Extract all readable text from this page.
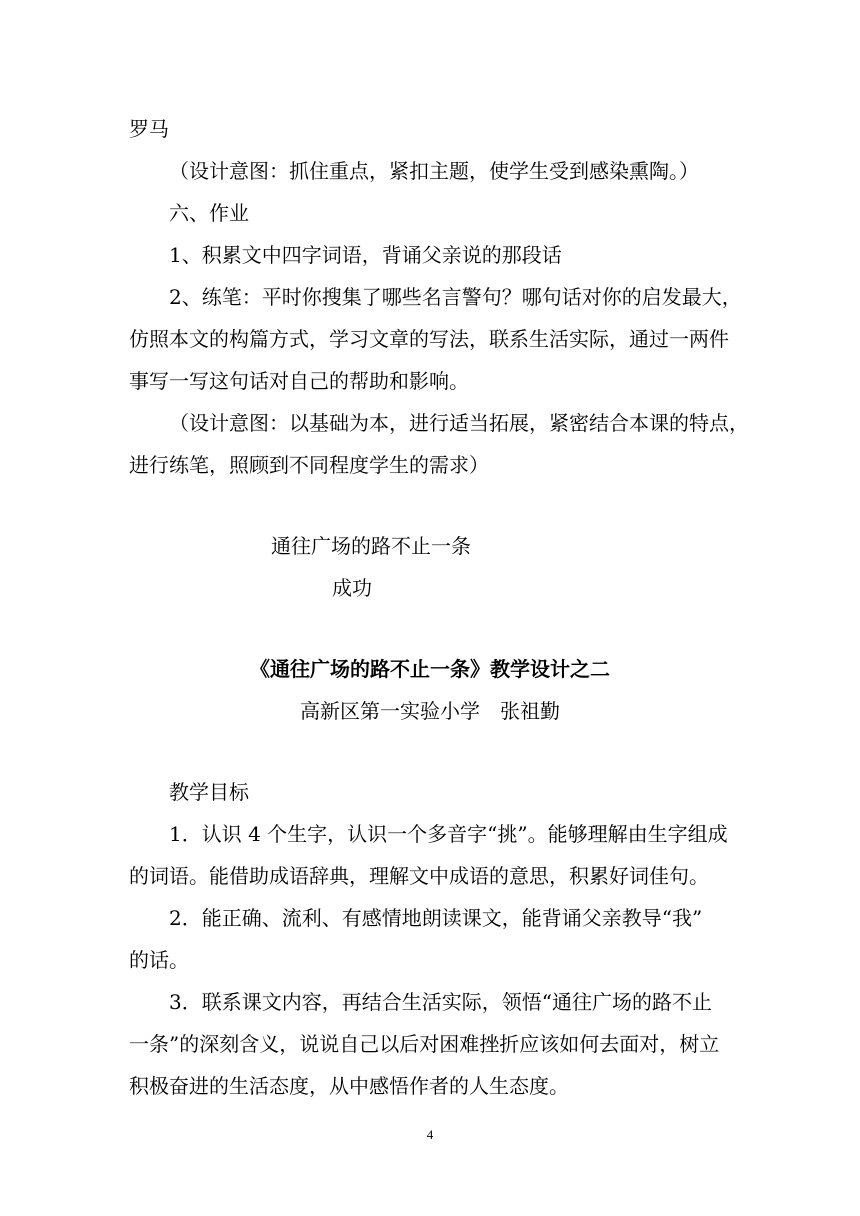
罗马
（设计意图：抓住重点，紧扣主题，使学生受到感染熏陶。）
六、作业
1、积累文中四字词语，背诵父亲说的那段话
2、练笔：平时你搜集了哪些名言警句？哪句话对你的启发最大，
仿照本文的构篇方式，学习文章的写法，联系生活实际，通过一两件
事写一写这句话对自己的帮助和影响。
（设计意图：以基础为本，进行适当拓展，紧密结合本课的特点，
进行练笔，照顾到不同程度学生的需求）
通往广场的路不止一条
成功
《通往广场的路不止一条》教学设计之二
高新区第一实验小学　张祖勤
教学目标
1．认识 4 个生字，认识一个多音字“挑”。能够理解由生字组成
的词语。能借助成语辞典，理解文中成语的意思，积累好词佳句。
2．能正确、流利、有感情地朗读课文，能背诵父亲教导“我”
的话。
3．联系课文内容，再结合生活实际，领悟“通往广场的路不止
一条”的深刻含义，说说自己以后对困难挫折应该如何去面对，树立
积极奋进的生活态度，从中感悟作者的人生态度。
4
